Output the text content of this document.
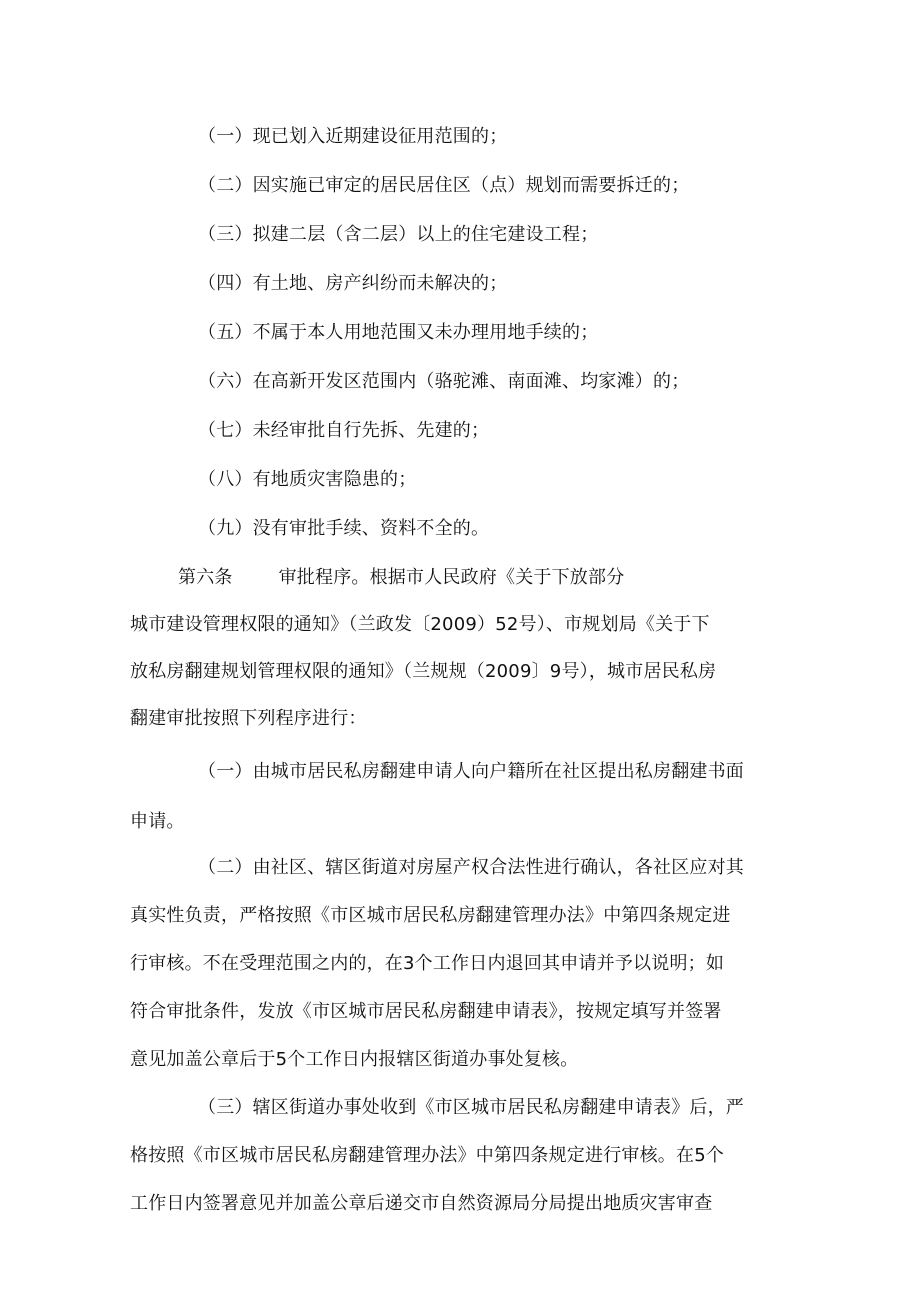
（一）现已划入近期建设征用范围的；
（二）因实施已审定的居民居住区（点）规划而需要拆迁的；
（三）拟建二层（含二层）以上的住宅建设工程；
（四）有土地、房产纠纷而未解决的；
（五）不属于本人用地范围又未办理用地手续的；
（六）在高新开发区范围内（骆驼滩、南面滩、均家滩）的；
（七）未经审批自行先拆、先建的；
（八）有地质灾害隐患的；
（九）没有审批手续、资料不全的。
第六条	审批程序。根据市人民政府《关于下放部分
城市建设管理权限的通知》（兰政发〔2009）52号）、市规划局《关于下
放私房翻建规划管理权限的通知》（兰规规（2009〕9号），城市居民私房
翻建审批按照下列程序进行：
（一）由城市居民私房翻建申请人向户籍所在社区提出私房翻建书面
申请。
（二）由社区、辖区街道对房屋产权合法性进行确认，各社区应对其
真实性负责，严格按照《市区城市居民私房翻建管理办法》中第四条规定进
行审核。不在受理范围之内的，在3个工作日内退回其申请并予以说明；如
符合审批条件，发放《市区城市居民私房翻建申请表》，按规定填写并签署
意见加盖公章后于5个工作日内报辖区街道办事处复核。
（三）辖区街道办事处收到《市区城市居民私房翻建申请表》后，严
格按照《市区城市居民私房翻建管理办法》中第四条规定进行审核。在5个
工作日内签署意见并加盖公章后递交市自然资源局分局提出地质灾害审查
